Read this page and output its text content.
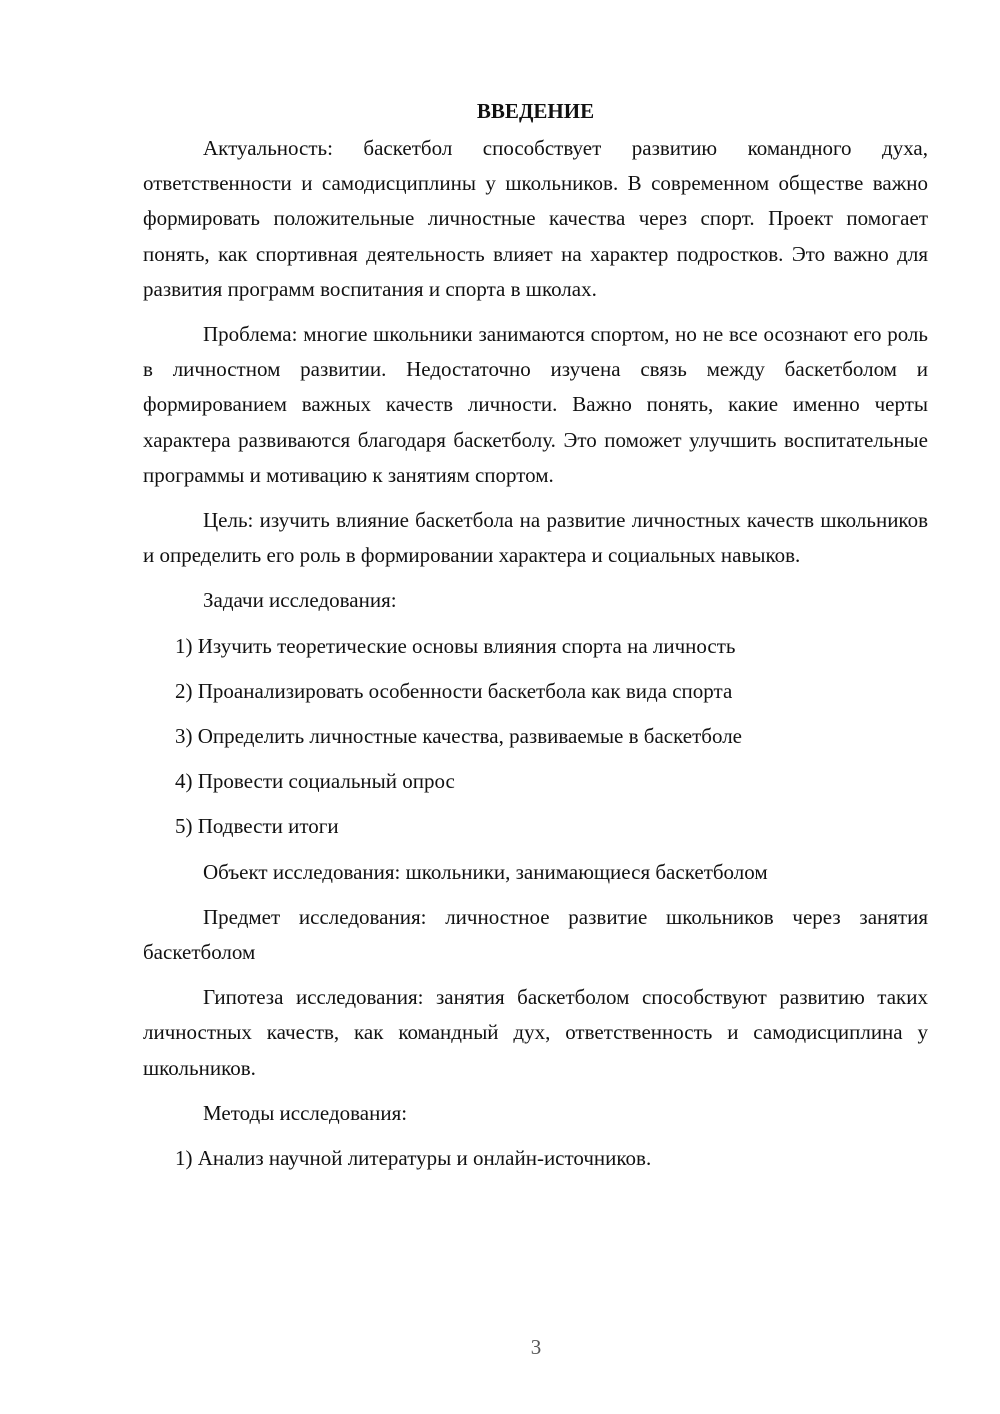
ВВЕДЕНИЕ

Актуальность: баскетбол способствует развитию командного духа, ответственности и самодисциплины у школьников. В современном обществе важно формировать положительные личностные качества через спорт. Проект помогает понять, как спортивная деятельность влияет на характер подростков. Это важно для развития программ воспитания и спорта в школах.

Проблема: многие школьники занимаются спортом, но не все осознают его роль в личностном развитии. Недостаточно изучена связь между баскетболом и формированием важных качеств личности. Важно понять, какие именно черты характера развиваются благодаря баскетболу. Это поможет улучшить воспитательные программы и мотивацию к занятиям спортом.

Цель: изучить влияние баскетбола на развитие личностных качеств школьников и определить его роль в формировании характера и социальных навыков.

Задачи исследования:

1) Изучить теоретические основы влияния спорта на личность
2) Проанализировать особенности баскетбола как вида спорта
3) Определить личностные качества, развиваемые в баскетболе
4) Провести социальный опрос
5) Подвести итоги

Объект исследования: школьники, занимающиеся баскетболом

Предмет исследования: личностное развитие школьников через занятия баскетболом

Гипотеза исследования: занятия баскетболом способствуют развитию таких личностных качеств, как командный дух, ответственность и самодисциплина у школьников.

Методы исследования:

1) Анализ научной литературы и онлайн-источников.
3
